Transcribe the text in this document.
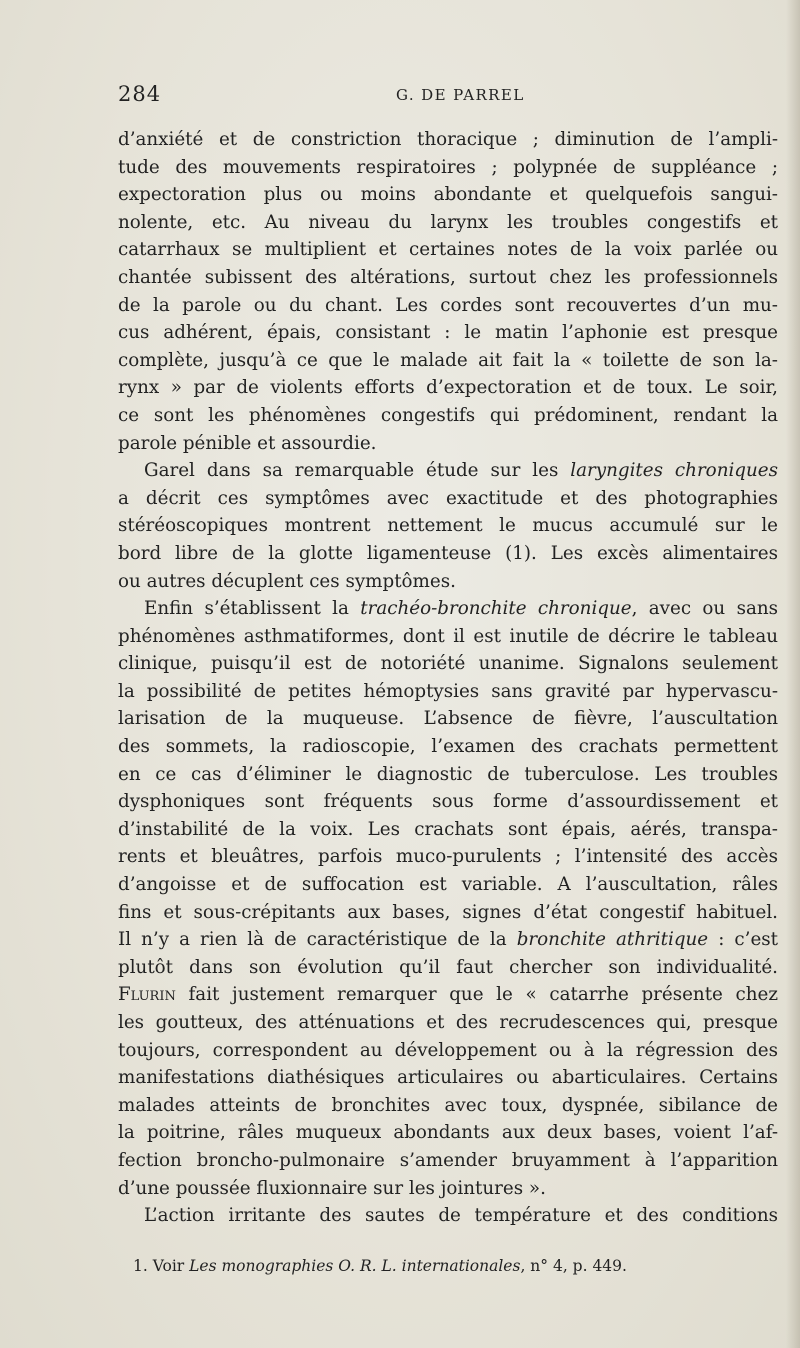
284	G. DE PARREL
d’anxiété et de constriction thoracique ; diminution de l’ampli-
tude des mouvements respiratoires ; polypnée de suppléance ;
expectoration plus ou moins abondante et quelquefois sangui-
nolente, etc. Au niveau du larynx les troubles congestifs et
catarrhaux se multiplient et certaines notes de la voix parlée ou
chantée subissent des altérations, surtout chez les professionnels
de la parole ou du chant. Les cordes sont recouvertes d’un mu-
cus adhérent, épais, consistant : le matin l’aphonie est presque
complète, jusqu’à ce que le malade ait fait la « toilette de son la-
rynx » par de violents efforts d’expectoration et de toux. Le soir,
ce sont les phénomènes congestifs qui prédominent, rendant la
parole pénible et assourdie.
Garel dans sa remarquable étude sur les laryngites chroniques
a décrit ces symptômes avec exactitude et des photographies
stéréoscopiques montrent nettement le mucus accumulé sur le
bord libre de la glotte ligamenteuse (1). Les excès alimentaires
ou autres décuplent ces symptômes.
Enfin s’établissent la trachéo-bronchite chronique, avec ou sans
phénomènes asthmatiformes, dont il est inutile de décrire le tableau
clinique, puisqu’il est de notoriété unanime. Signalons seulement
la possibilité de petites hémoptysies sans gravité par hypervascu-
larisation de la muqueuse. L’absence de fièvre, l’auscultation
des sommets, la radioscopie, l’examen des crachats permettent
en ce cas d’éliminer le diagnostic de tuberculose. Les troubles
dysphoniques sont fréquents sous forme d’assourdissement et
d’instabilité de la voix. Les crachats sont épais, aérés, transpa-
rents et bleuâtres, parfois muco-purulents ; l’intensité des accès
d’angoisse et de suffocation est variable. A l’auscultation, râles
fins et sous-crépitants aux bases, signes d’état congestif habituel.
Il n’y a rien là de caractéristique de la bronchite athritique : c’est
plutôt dans son évolution qu’il faut chercher son individualité.
Flurin fait justement remarquer que le « catarrhe présente chez
les goutteux, des atténuations et des recrudescences qui, presque
toujours, correspondent au développement ou à la régression des
manifestations diathésiques articulaires ou abarticulaires. Certains
malades atteints de bronchites avec toux, dyspnée, sibilance de
la poitrine, râles muqueux abondants aux deux bases, voient l’af-
fection broncho-pulmonaire s’amender bruyamment à l’apparition
d’une poussée fluxionnaire sur les jointures ».
L’action irritante des sautes de température et des conditions
1. Voir Les monographies O. R. L. internationales, n° 4, p. 449.
